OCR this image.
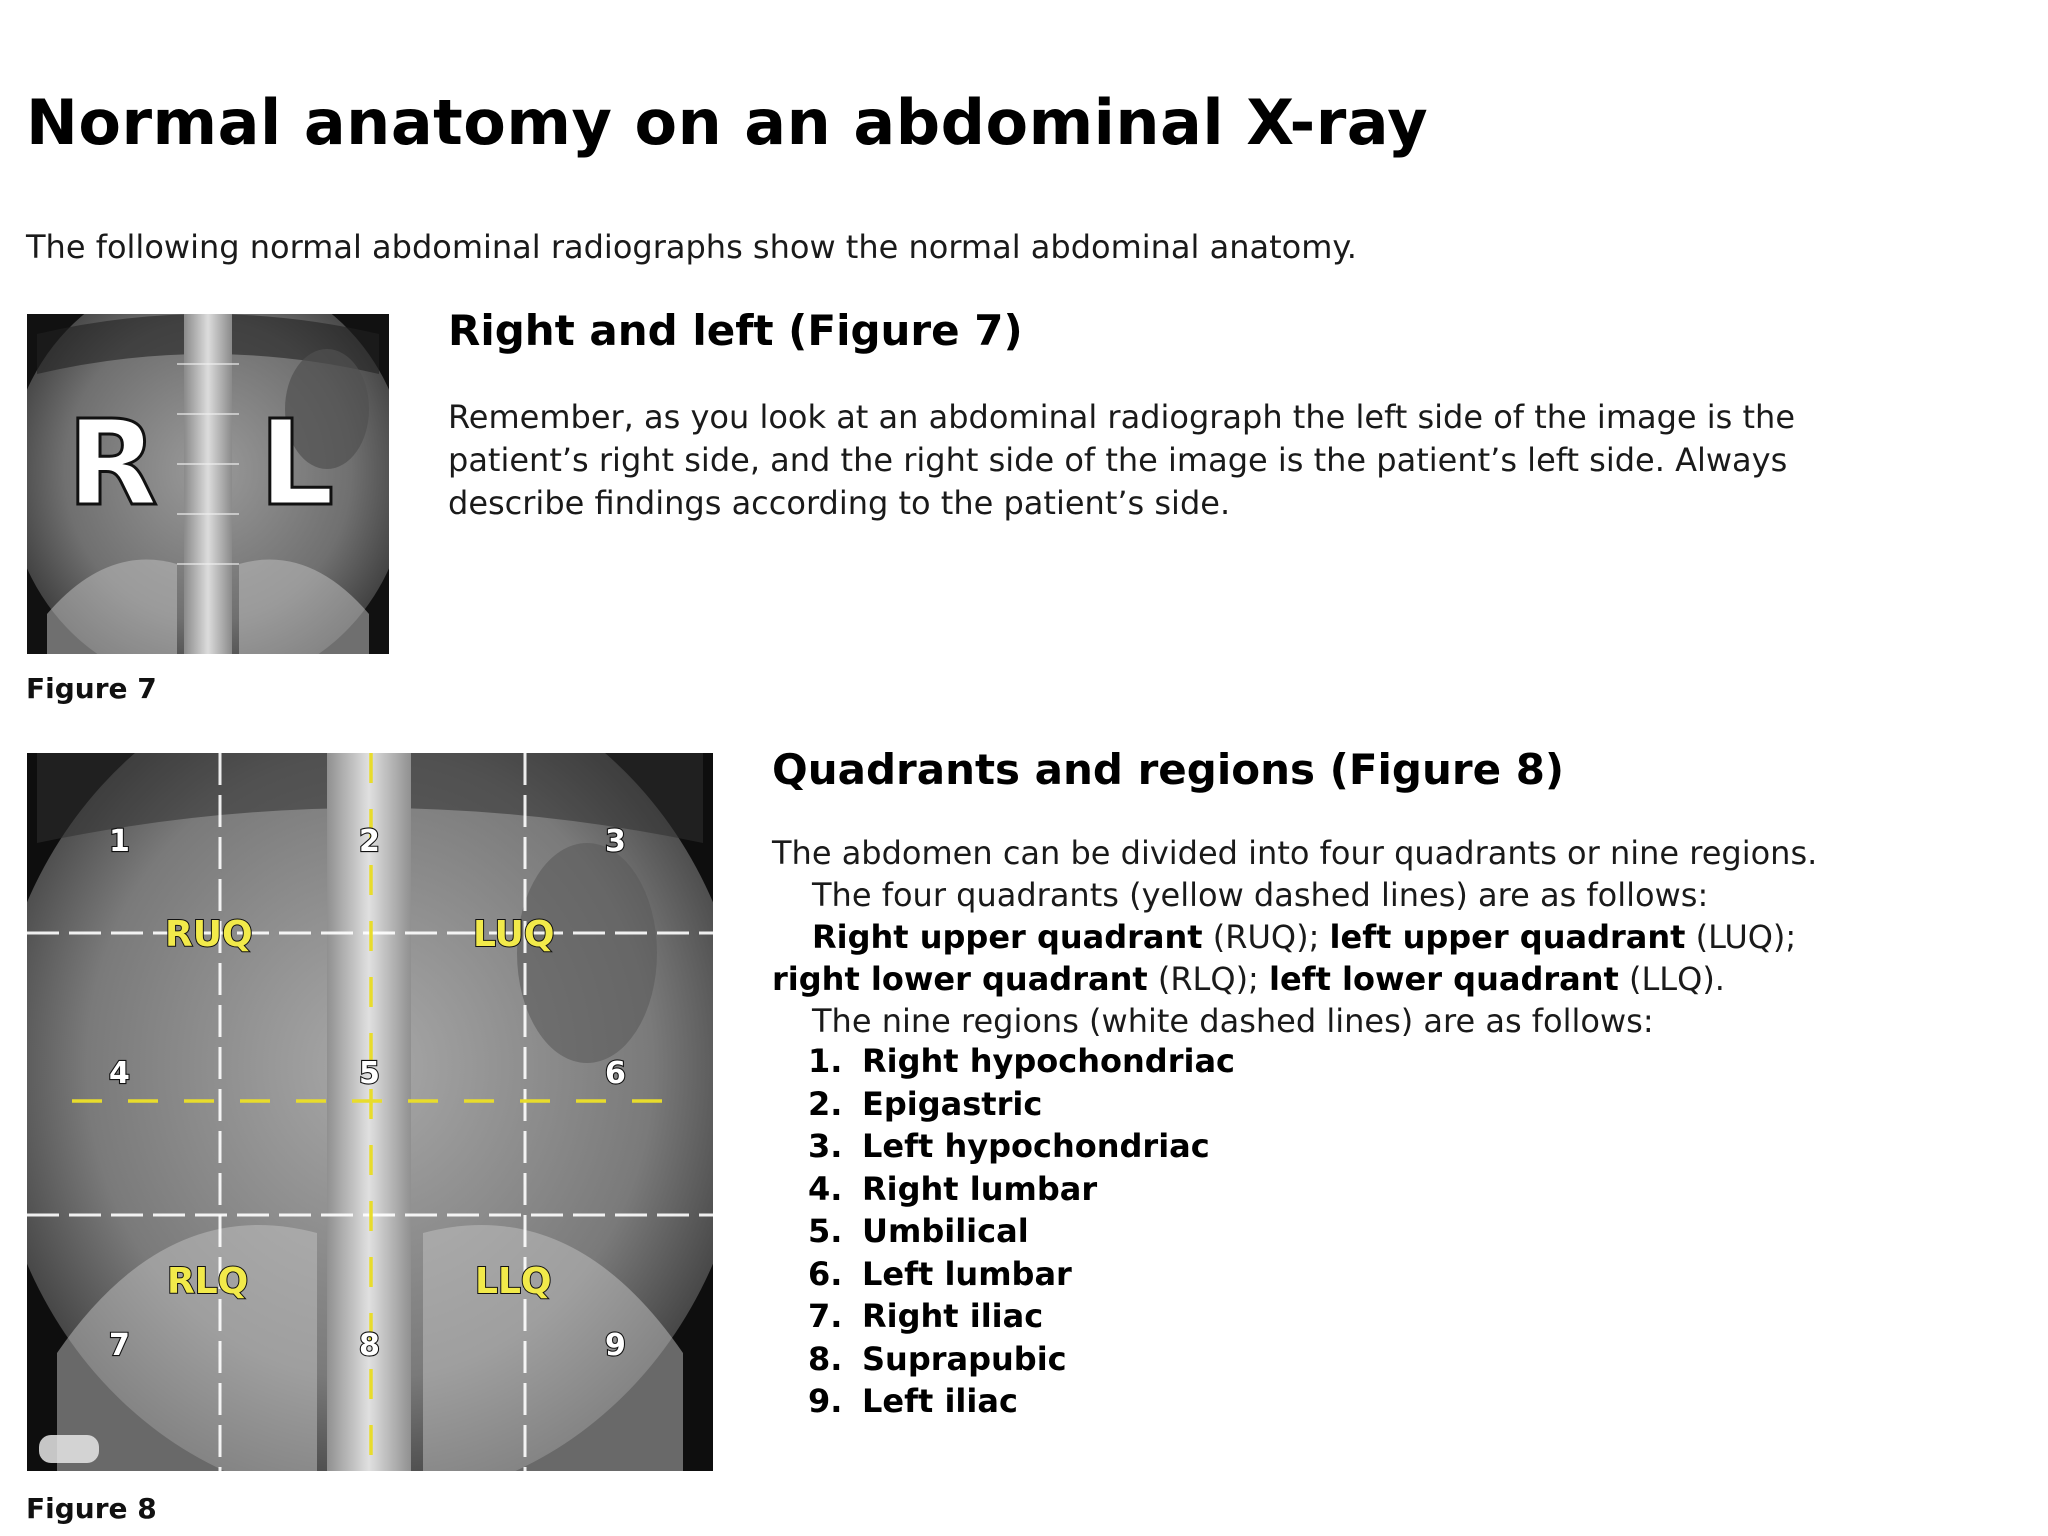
Normal anatomy on an abdominal X-ray

The following normal abdominal radiographs show the normal abdominal anatomy.

R L

Figure 7

Right and left (Figure 7)

Remember, as you look at an abdominal radiograph the left side of the image is the patient’s right side, and the right side of the image is the patient’s left side. Always describe findings according to the patient’s side.

RUQ	LUQ
RLQ	LLQ
1	2	3
4	5	6
7	8	9

Figure 8

Quadrants and regions (Figure 8)

The abdomen can be divided into four quadrants or nine regions.

The four quadrants (yellow dashed lines) are as follows:

Right upper quadrant (RUQ); left upper quadrant (LUQ);

right lower quadrant (RLQ); left lower quadrant (LLQ).

The nine regions (white dashed lines) are as follows:

1. Right hypochondriac
2. Epigastric
3. Left hypochondriac
4. Right lumbar
5. Umbilical
6. Left lumbar
7. Right iliac
8. Suprapubic
9. Left iliac
